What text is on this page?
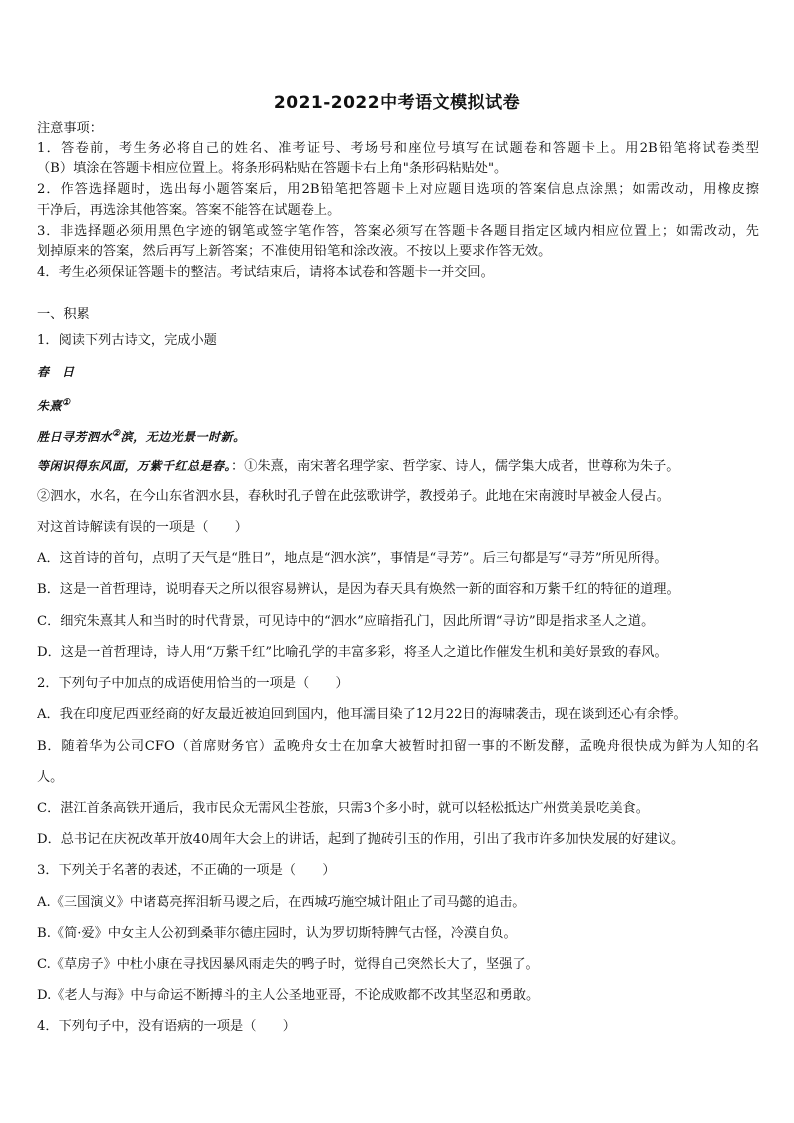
2021-2022中考语文模拟试卷
注意事项：
1．答卷前，考生务必将自己的姓名、准考证号、考场号和座位号填写在试题卷和答题卡上。用2B铅笔将试卷类型
（B）填涂在答题卡相应位置上。将条形码粘贴在答题卡右上角"条形码粘贴处"。
2．作答选择题时，选出每小题答案后，用2B铅笔把答题卡上对应题目选项的答案信息点涂黑；如需改动，用橡皮擦
干净后，再选涂其他答案。答案不能答在试题卷上。
3．非选择题必须用黑色字迹的钢笔或签字笔作答，答案必须写在答题卡各题目指定区域内相应位置上；如需改动，先
划掉原来的答案，然后再写上新答案；不准使用铅笔和涂改液。不按以上要求作答无效。
4．考生必须保证答题卡的整洁。考试结束后，请将本试卷和答题卡一并交回。
一、积累
1．阅读下列古诗文，完成小题
春　日
朱熹①
胜日寻芳泗水②滨，无边光景一时新。
等闲识得东风面，万紫千红总是春。：①朱熹，南宋著名理学家、哲学家、诗人，儒学集大成者，世尊称为朱子。
②泗水，水名，在今山东省泗水县，春秋时孔子曾在此弦歌讲学，教授弟子。此地在宋南渡时早被金人侵占。
对这首诗解读有误的一项是（　　）
A．这首诗的首句，点明了天气是“胜日”，地点是“泗水滨”，事情是“寻芳”。后三句都是写“寻芳”所见所得。
B．这是一首哲理诗，说明春天之所以很容易辨认，是因为春天具有焕然一新的面容和万紫千红的特征的道理。
C．细究朱熹其人和当时的时代背景，可见诗中的“泗水”应暗指孔门，因此所谓“寻访”即是指求圣人之道。
D．这是一首哲理诗，诗人用“万紫千红”比喻孔学的丰富多彩，将圣人之道比作催发生机和美好景致的春风。
2．下列句子中加点的成语使用恰当的一项是（　　）
A．我在印度尼西亚经商的好友最近被迫回到国内，他耳濡目染了12月22日的海啸袭击，现在谈到还心有余悸。
B．随着华为公司CFO（首席财务官）孟晚舟女士在加拿大被暂时扣留一事的不断发酵，孟晚舟很快成为鲜为人知的名
人。
C．湛江首条高铁开通后，我市民众无需风尘苍旅，只需3个多小时，就可以轻松抵达广州赏美景吃美食。
D．总书记在庆祝改革开放40周年大会上的讲话，起到了抛砖引玉的作用，引出了我市许多加快发展的好建议。
3．下列关于名著的表述，不正确的一项是（　　）
A.《三国演义》中诸葛亮挥泪斩马谡之后，在西城巧施空城计阻止了司马懿的追击。
B.《简·爱》中女主人公初到桑菲尔德庄园时，认为罗切斯特脾气古怪，冷漠自负。
C.《草房子》中杜小康在寻找因暴风雨走失的鸭子时，觉得自己突然长大了，坚强了。
D.《老人与海》中与命运不断搏斗的主人公圣地亚哥，不论成败都不改其坚忍和勇敢。
4．下列句子中，没有语病的一项是（　　）
